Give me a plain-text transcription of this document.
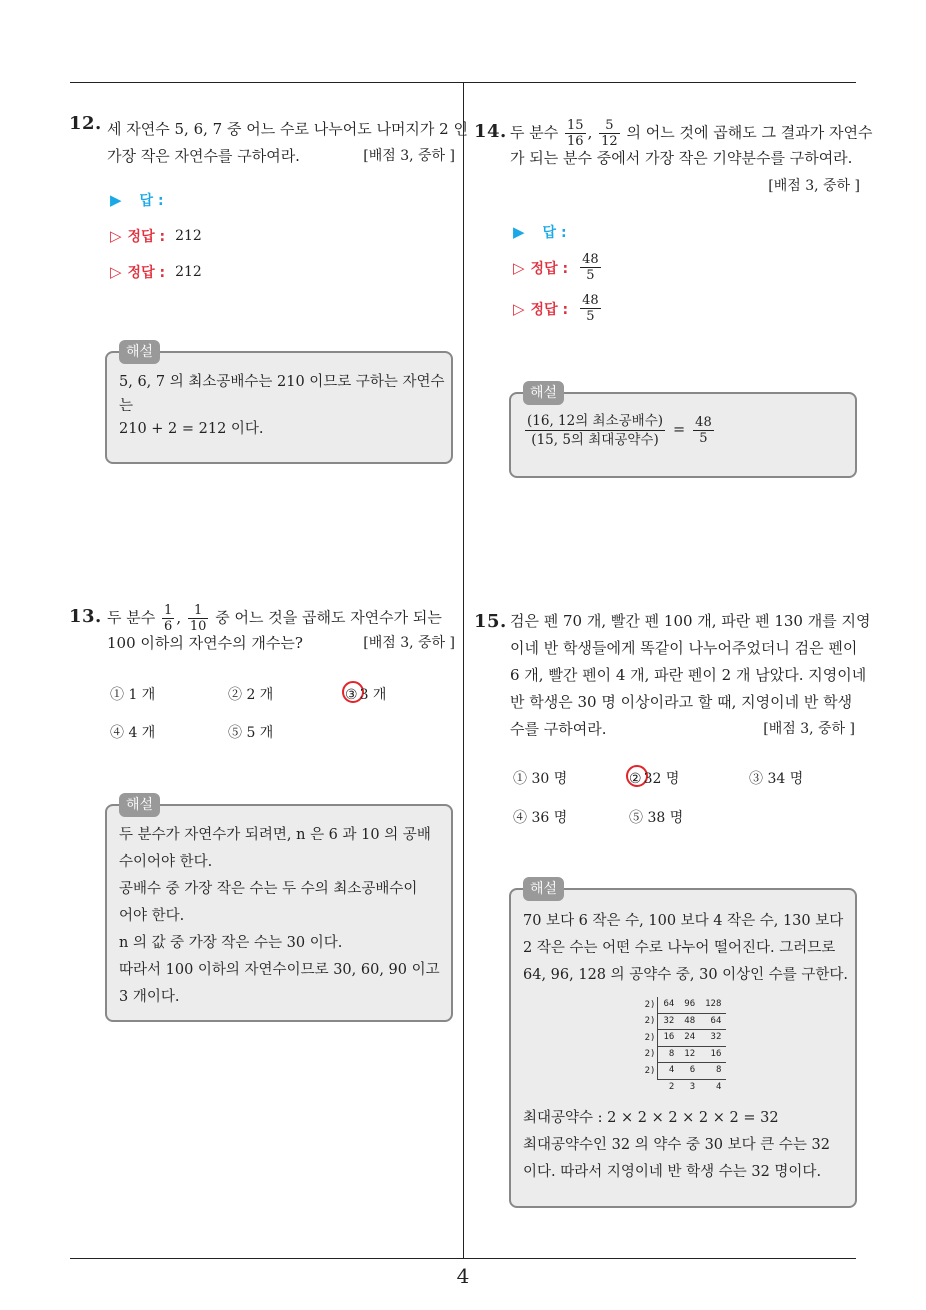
12. 세 자연수 5, 6, 7 중 어느 수로 나누어도 나머지가 2 인
가장 작은 자연수를 구하여라.	[배점 3, 중하 ]
▶ 답 :
▷ 정답 : 212
▷ 정답 : 212
해설
5, 6, 7 의 최소공배수는 210 이므로 구하는 자연수
는
210 + 2 = 212 이다.
13. 두 분수 $\frac{1}{6}$ , $\frac{1}{10}$ 중 어느 것을 곱해도 자연수가 되는
100 이하의 자연수의 개수는?	[배점 3, 중하 ]
① 1 개	② 2 개	③ 3 개
④ 4 개	⑤ 5 개
해설
두 분수가 자연수가 되려면, n 은 6 과 10 의 공배
수이어야 한다.
공배수 중 가장 작은 수는 두 수의 최소공배수이
어야 한다.
n 의 값 중 가장 작은 수는 30 이다.
따라서 100 이하의 자연수이므로 30, 60, 90 이고
3 개이다.
14. 두 분수 $\frac{15}{16}$ , $\frac{5}{12}$ 의 어느 것에 곱해도 그 결과가 자연수
가 되는 분수 중에서 가장 작은 기약분수를 구하여라.
[배점 3, 중하 ]
▶ 답 :
▷ 정답 : $\frac{48}{5}$
▷ 정답 : $\frac{48}{5}$
해설
$\frac{\text{(16, 12의 최소공배수)}}{\text{(15, 5의 최대공약수)}} = \frac{48}{5}$
15. 검은 펜 70 개, 빨간 펜 100 개, 파란 펜 130 개를 지영
이네 반 학생들에게 똑같이 나누어주었더니 검은 펜이
6 개, 빨간 펜이 4 개, 파란 펜이 2 개 남았다. 지영이네
반 학생은 30 명 이상이라고 할 때, 지영이네 반 학생
수를 구하여라.	[배점 3, 중하 ]
① 30 명	② 32 명	③ 34 명
④ 36 명	⑤ 38 명
해설
70 보다 6 작은 수, 100 보다 4 작은 수, 130 보다
2 작은 수는 어떤 수로 나누어 떨어진다. 그러므로
64, 96, 128 의 공약수 중, 30 이상인 수를 구한다.
2)	64	96	128
2)	32	48	64
2)	16	24	32
2)	8	12	16
2)	4	6	8
	2	3	4
최대공약수 : 2 × 2 × 2 × 2 × 2 = 32
최대공약수인 32 의 약수 중 30 보다 큰 수는 32
이다. 따라서 지영이네 반 학생 수는 32 명이다.
4
